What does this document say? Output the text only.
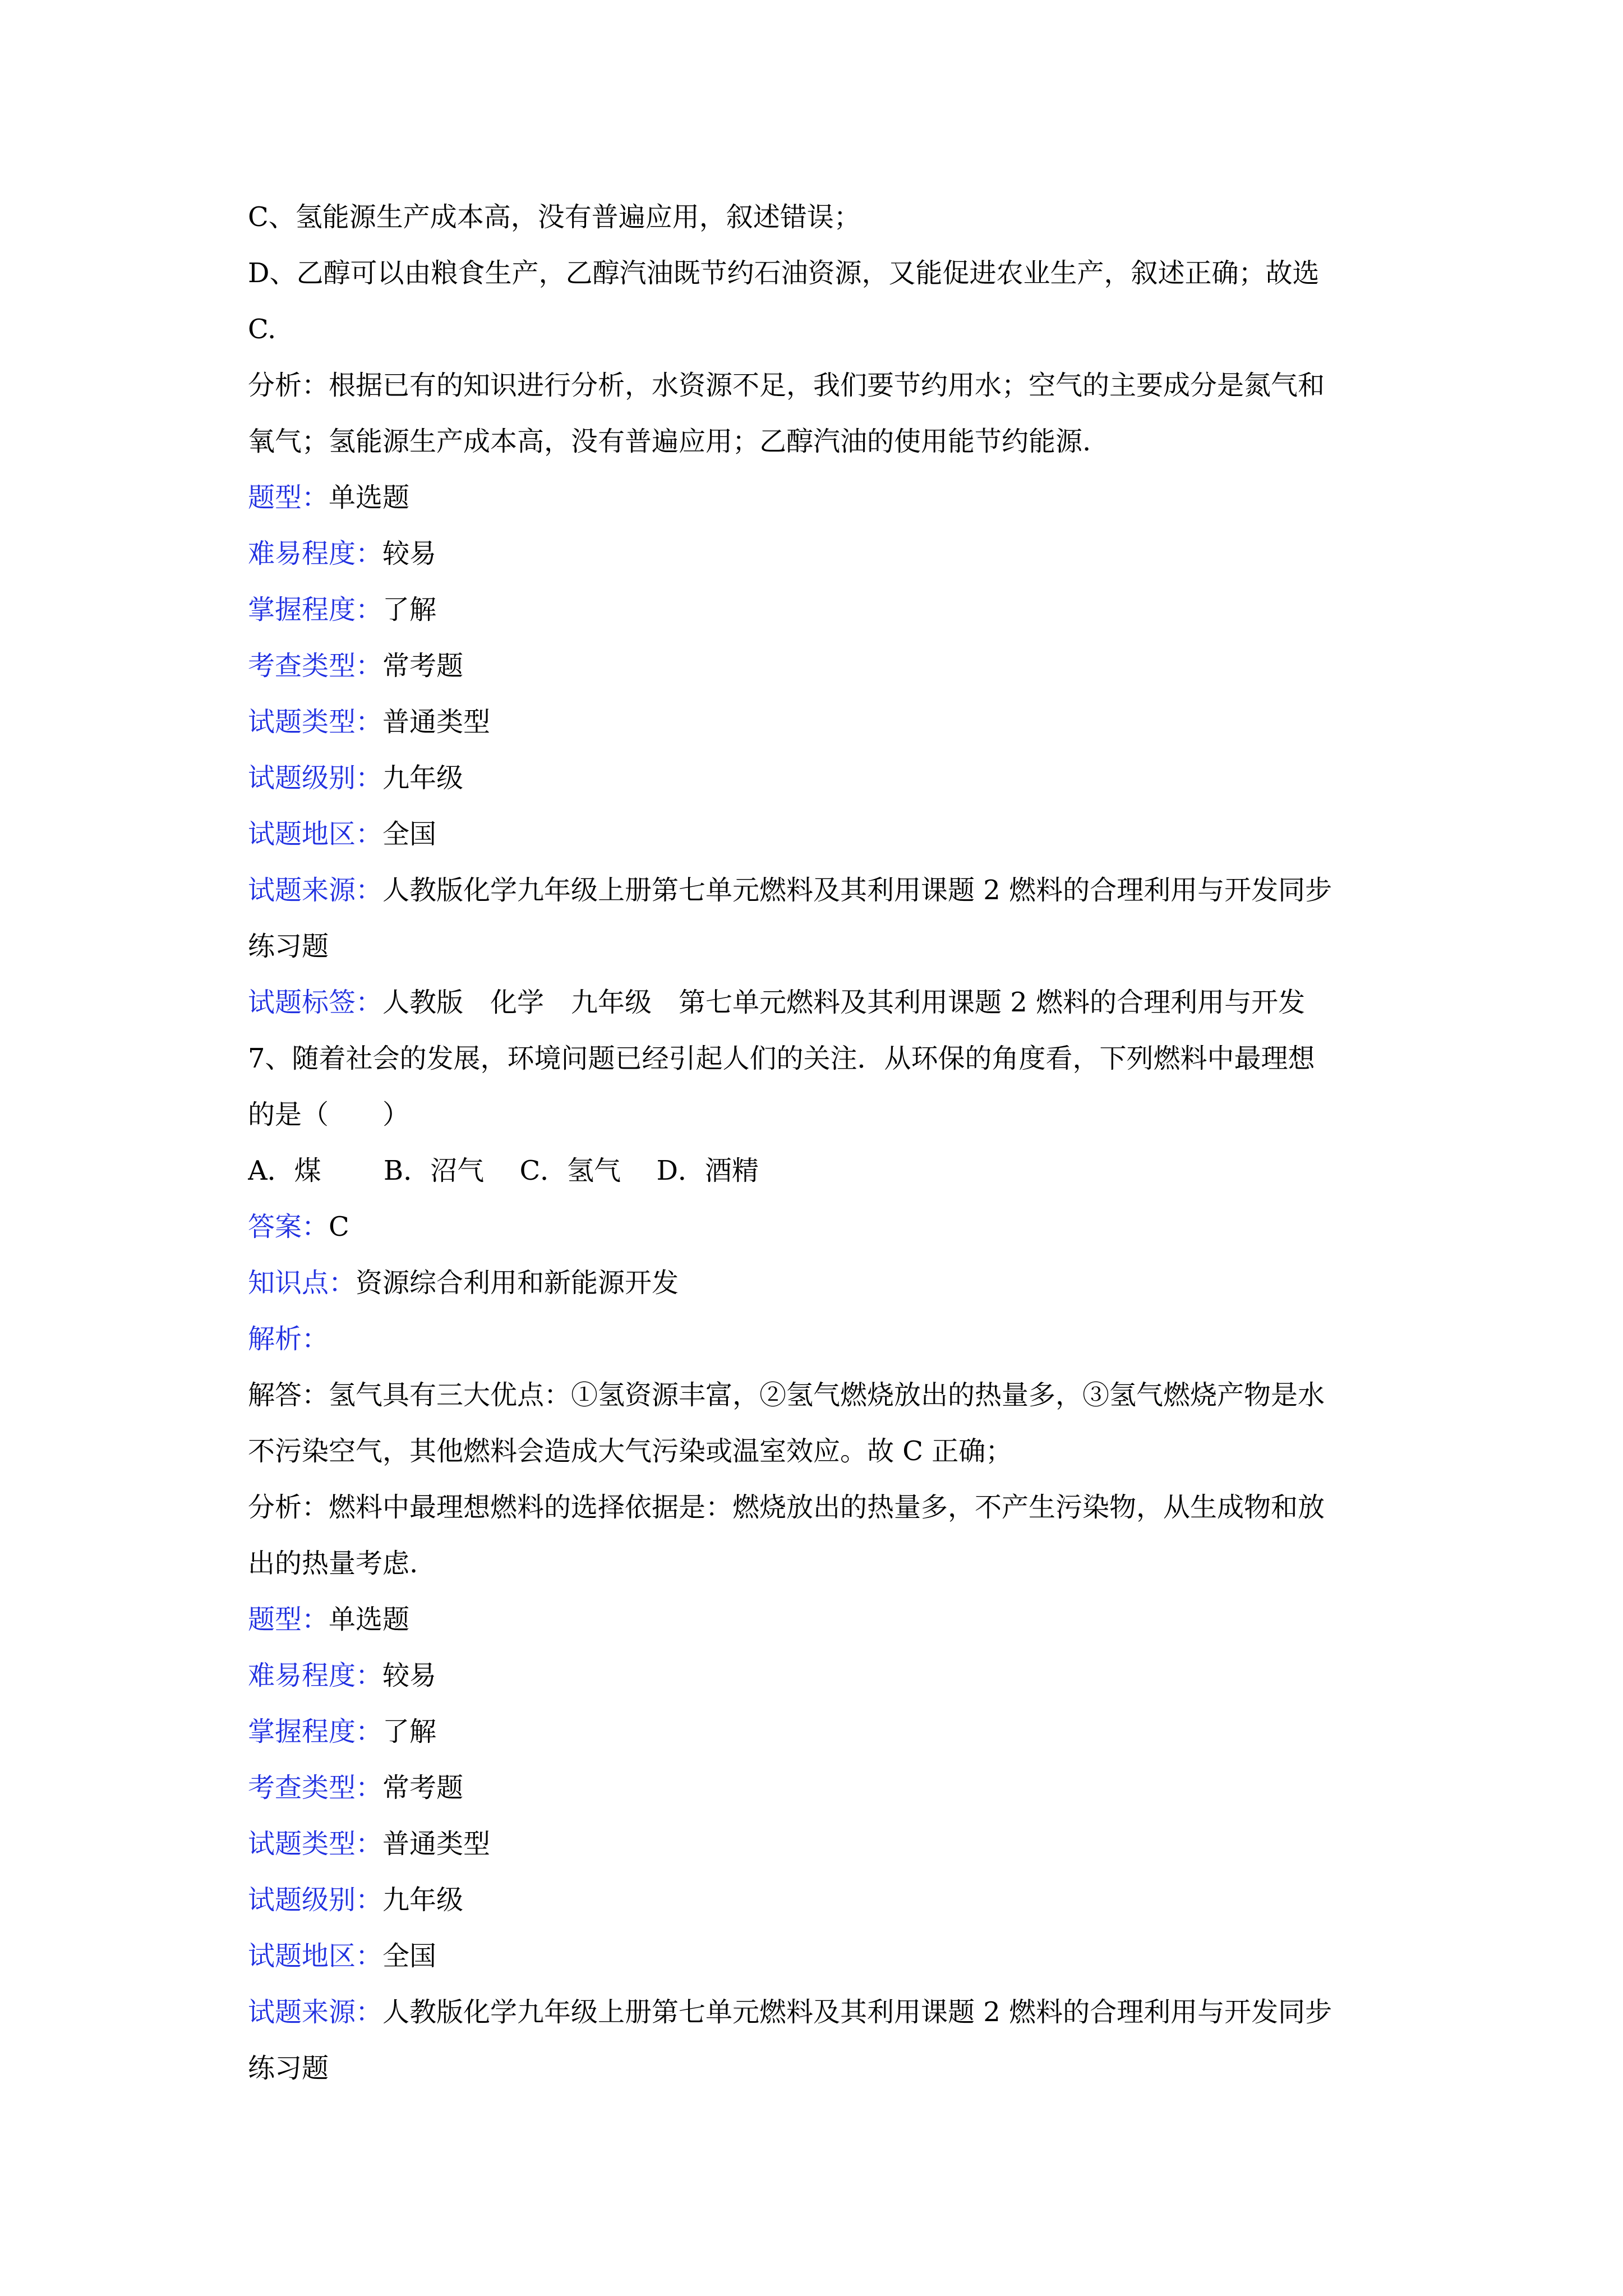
C、氢能源生产成本高，没有普遍应用，叙述错误；
D、乙醇可以由粮食生产，乙醇汽油既节约石油资源，又能促进农业生产，叙述正确；故选
C.
分析：根据已有的知识进行分析，水资源不足，我们要节约用水；空气的主要成分是氮气和
氧气；氢能源生产成本高，没有普遍应用；乙醇汽油的使用能节约能源.
题型：单选题
难易程度：较易
掌握程度：了解
考查类型：常考题
试题类型：普通类型
试题级别：九年级
试题地区：全国
试题来源：人教版化学九年级上册第七单元燃料及其利用课题 2 燃料的合理利用与开发同步
练习题
试题标签：人教版　化学　九年级　第七单元燃料及其利用课题 2 燃料的合理利用与开发
7、随着社会的发展，环境问题已经引起人们的关注．从环保的角度看，下列燃料中最理想
的是（　　）
A．煤　　 B．沼气　 C．氢气　 D．酒精
答案：C
知识点：资源综合利用和新能源开发
解析：
解答：氢气具有三大优点：①氢资源丰富，②氢气燃烧放出的热量多，③氢气燃烧产物是水
不污染空气，其他燃料会造成大气污染或温室效应。故 C 正确；
分析：燃料中最理想燃料的选择依据是：燃烧放出的热量多，不产生污染物，从生成物和放
出的热量考虑.
题型：单选题
难易程度：较易
掌握程度：了解
考查类型：常考题
试题类型：普通类型
试题级别：九年级
试题地区：全国
试题来源：人教版化学九年级上册第七单元燃料及其利用课题 2 燃料的合理利用与开发同步
练习题
